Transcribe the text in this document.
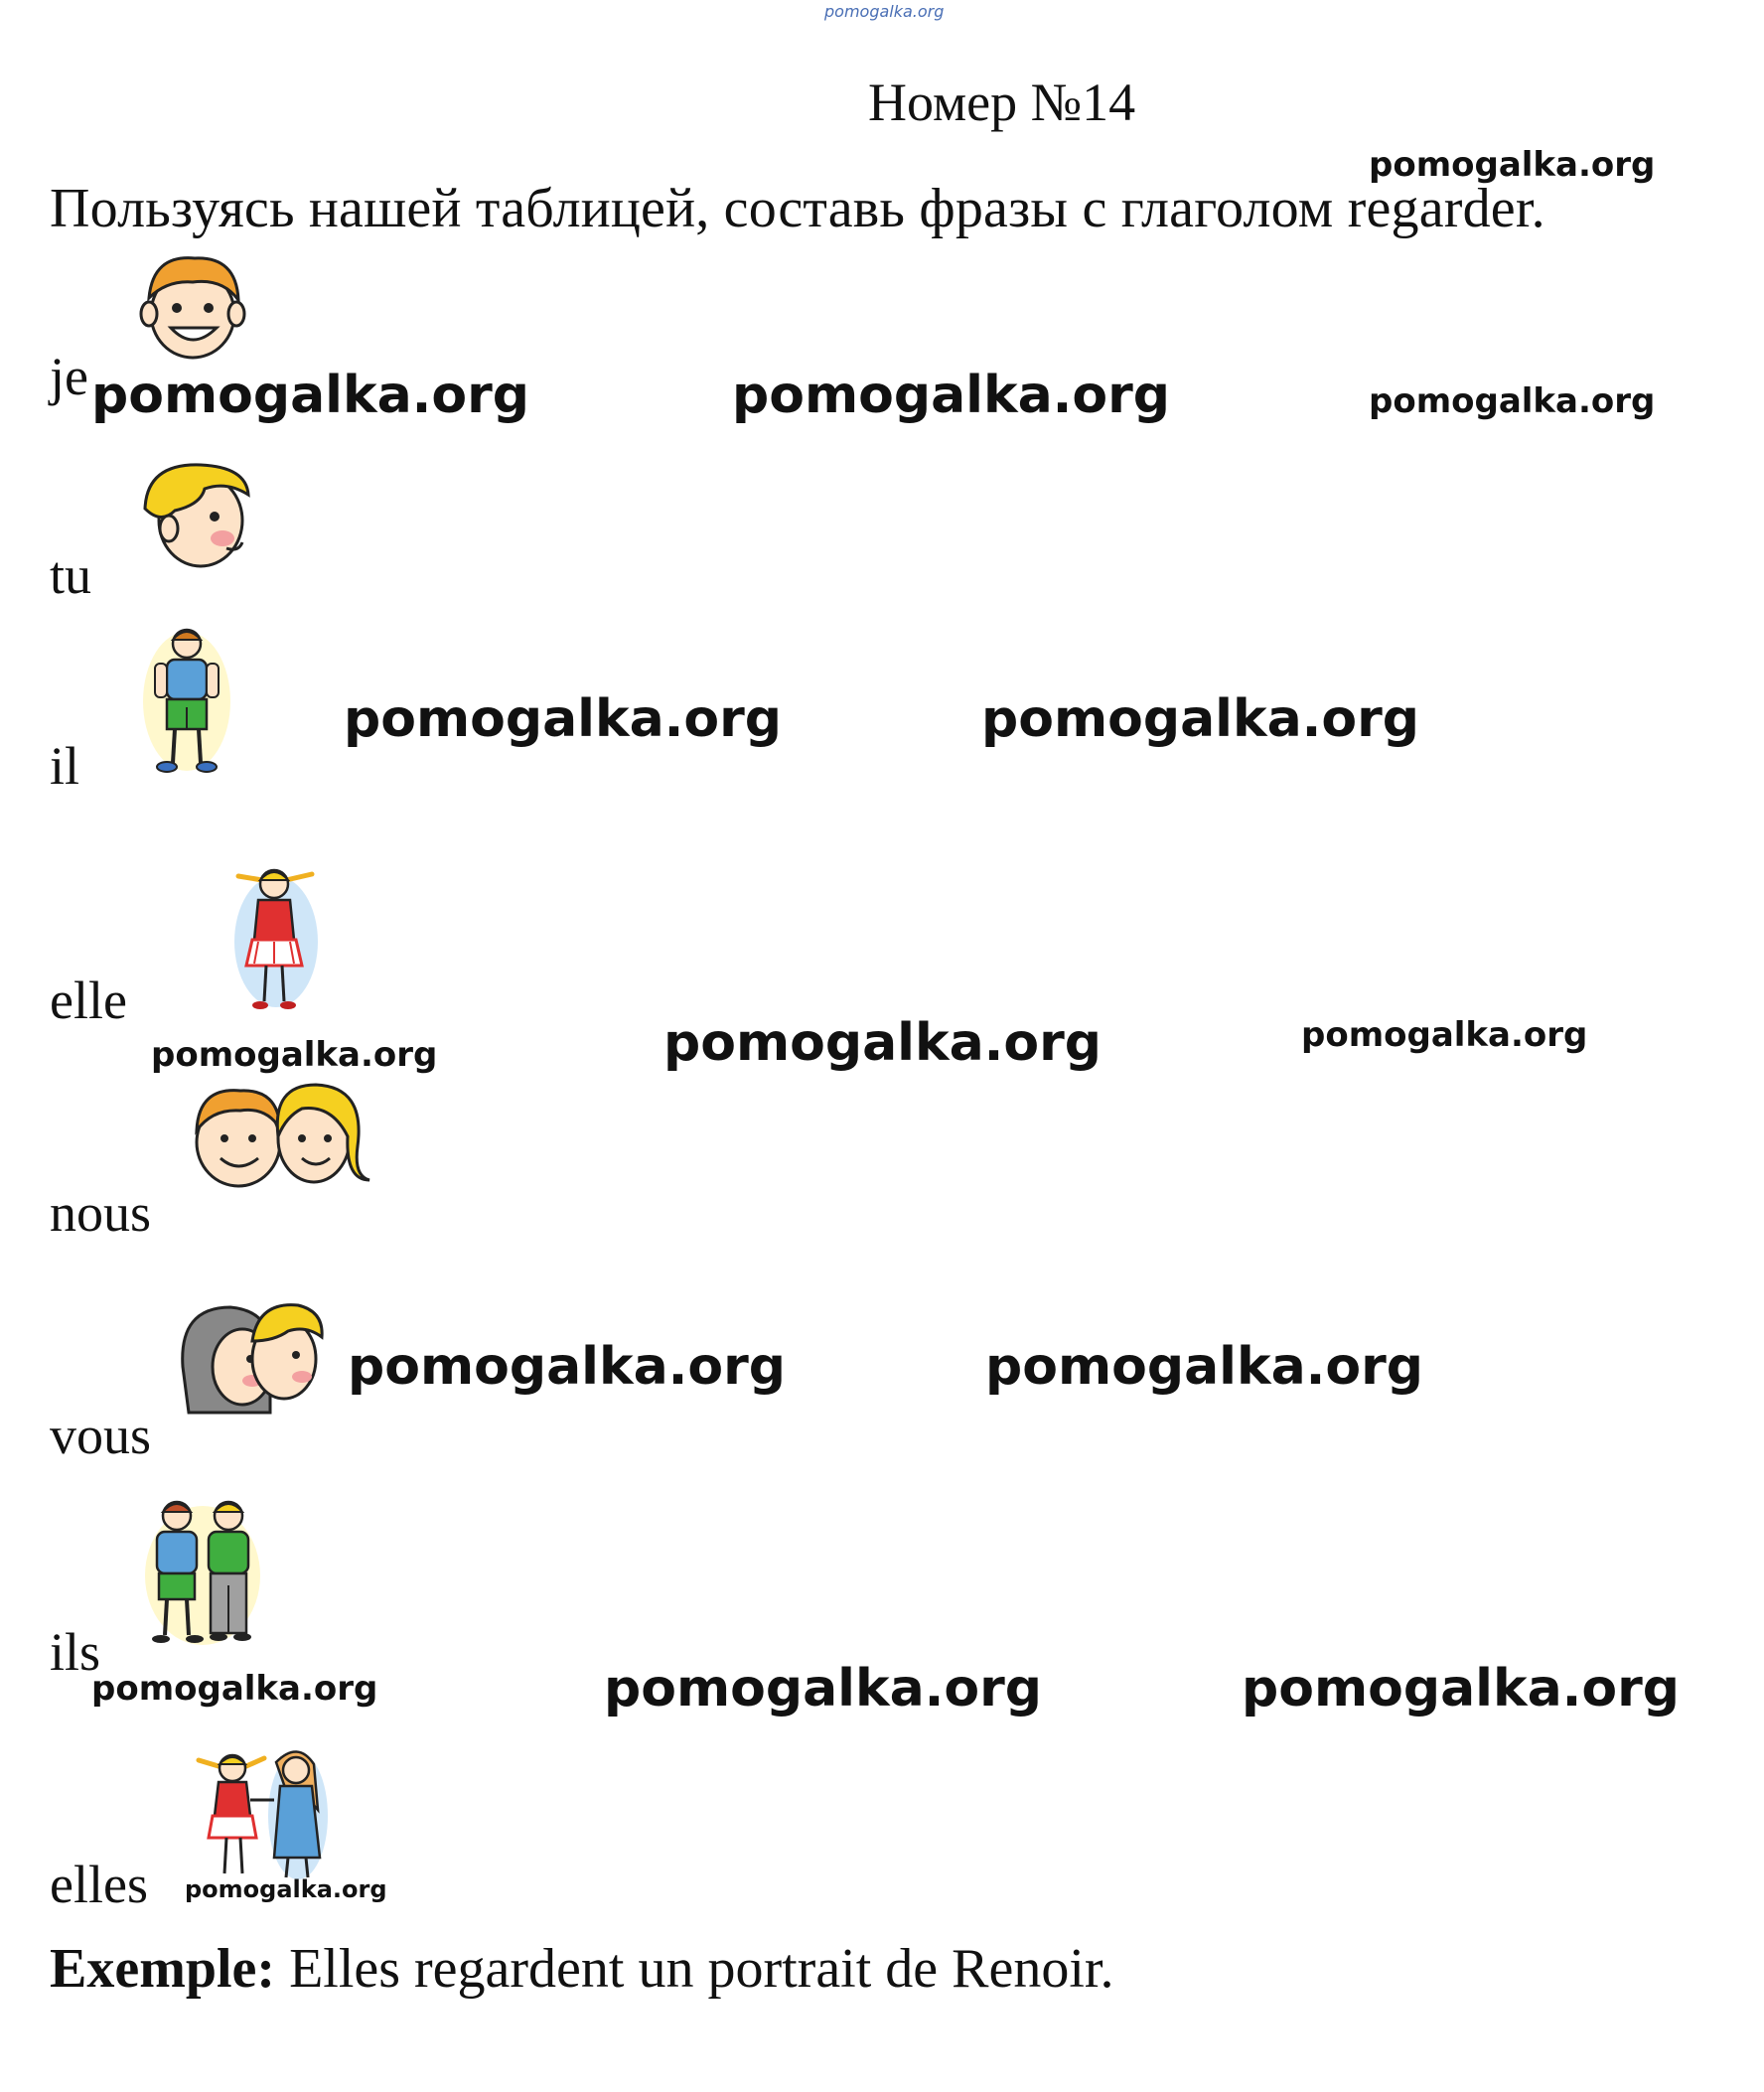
pomogalka.org
Номер №14
pomogalka.org
Пользуясь нашей таблицей, составь фразы с глаголом regarder.
je pomogalka.org	pomogalka.org	pomogalka.org
tu
il
pomogalka.org	pomogalka.org
elle
pomogalka.org	pomogalka.org	pomogalka.org
nous
vous
pomogalka.org	pomogalka.org
ils
pomogalka.org	pomogalka.org	pomogalka.org
elles pomogalka.org
Exemple: Elles regardent un portrait de Renoir.
